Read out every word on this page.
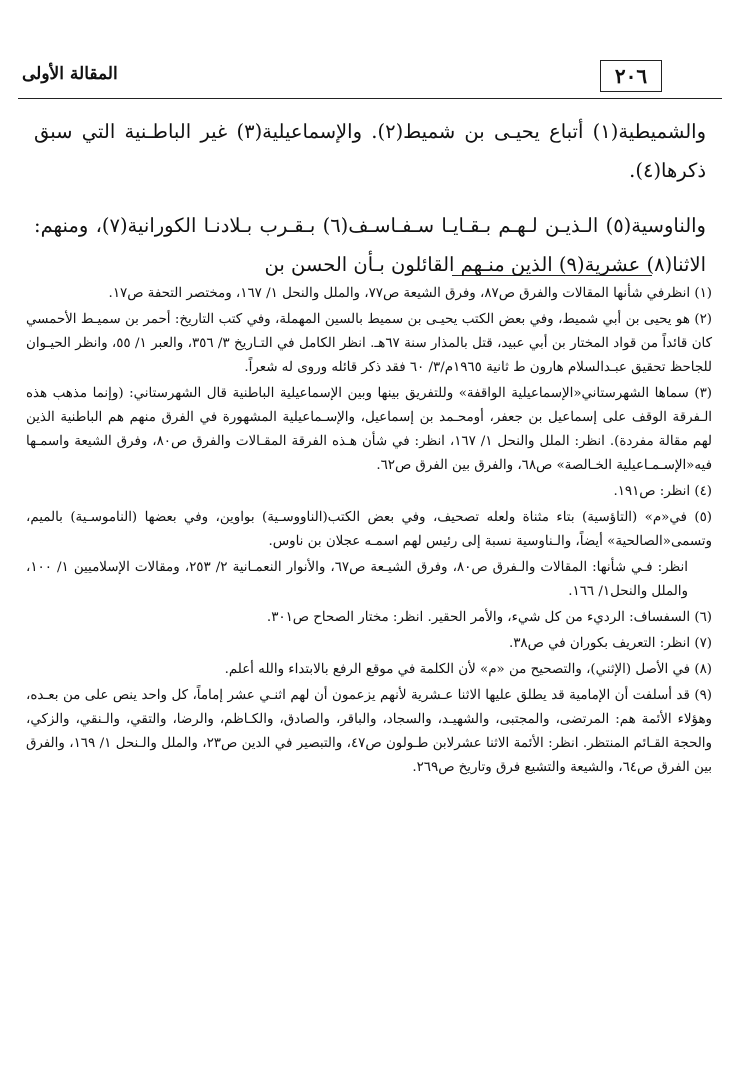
٢٠٦
المقالة الأولى

والشميطية(١) أتباع يحيـى بن شميط(٢). والإسماعيلية(٣) غير الباطـنية التي سبق ذكرها(٤).

والناوسية(٥) الـذيـن لـهـم بـقـايـا سـفـاسـف(٦) بـقـرب بـلادنـا الكورانية(٧)، ومنهم: الاثنا(٨) عشرية(٩) الذين منـهم القائلون بـأن الحسن بن

(١) انظرفي شأنها المقالات والفرق ص٨٧، وفرق الشيعة ص٧٧، والملل والنحل ١/ ١٦٧، ومختصر التحفة ص١٧.

(٢) هو يحيى بن أبي شميط، وفي بعض الكتب يحيـى بن سميط بالسين المهملة، وفي كتب التاريخ: أحمر بن سميـط الأحمسي كان قائداً من قواد المختار بن أبي عبيد، قتل بالمذار سنة ٦٧هـ. انظر الكامل في التـاريخ ٣/ ٣٥٦، والعبر ١/ ٥٥، وانظر الحيـوان للجاحظ تحقيق عبـدالسلام هارون ط ثانية ١٩٦٥م/٣/ ٦٠ فقد ذكر قائله وروى له شعراً.

(٣) سماها الشهرستاني«الإسماعيلية الواقفة» وللتفريق بينها وبين الإسماعيلية الباطنية قال الشهرستاني: (وإنما مذهب هذه الـفرقة الوقف على إسماعيل بن جعفر، أومحـمد بن إسماعيل، والإسـماعيلية المشهورة في الفرق منهم هم الباطنية الذين لهم مقالة مفردة). انظر: الملل والنحل ١/ ١٦٧، انظر: في شأن هـذه الفرقة المقـالات والفرق ص٨٠، وفرق الشيعة واسمـها فيه«الإسـمـاعيلية الخـالصة» ص٦٨، والفرق بين الفرق ص٦٢.

(٤) انظر: ص١٩١.

(٥) في«م» (التاؤسية) بتاء مثناة ولعله تصحيف، وفي بعض الكتب(الناووسـية) بواوين، وفي بعضها (الناموسـية) بالميم، وتسمى«الصالحية» أيضاً، والـناوسية نسبة إلى رئيس لهم اسمـه عجلان بن ناوس.

انظر: فـي شأنها: المقالات والـفرق ص٨٠، وفرق الشيـعة ص٦٧، والأنوار النعمـانية ٢/ ٢٥٣، ومقالات الإسلاميين ١/ ١٠٠، والملل والنحل١/ ١٦٦.

(٦) السفساف: الرديء من كل شيء، والأمر الحقير. انظر: مختار الصحاح ص٣٠١.

(٧) انظر: التعريف بكوران في ص٣٨.

(٨) في الأصل (الإثني)، والتصحيح من «م» لأن الكلمة في موقع الرفع بالابتداء والله أعلم.

(٩) قد أسلفت أن الإمامية قد يطلق عليها الاثنا عـشرية لأنهم يزعمون أن لهم اثنـي عشر إماماً، كل واحد ينص على من بعـده، وهؤلاء الأئمة هم: المرتضى، والمجتبى، والشهيـد، والسجاد، والباقر، والصادق، والكـاظم، والرضا، والتقي، والـنقي، والزكي، والحجة القـائم المنتظر. انظر: الأئمة الاثنا عشرلابن طـولون ص٤٧، والتبصير في الدين ص٢٣، والملل والـنحل ١/ ١٦٩، والفرق بين الفرق ص٦٤، والشيعة والتشيع فرق وتاريخ ص٢٦٩.
